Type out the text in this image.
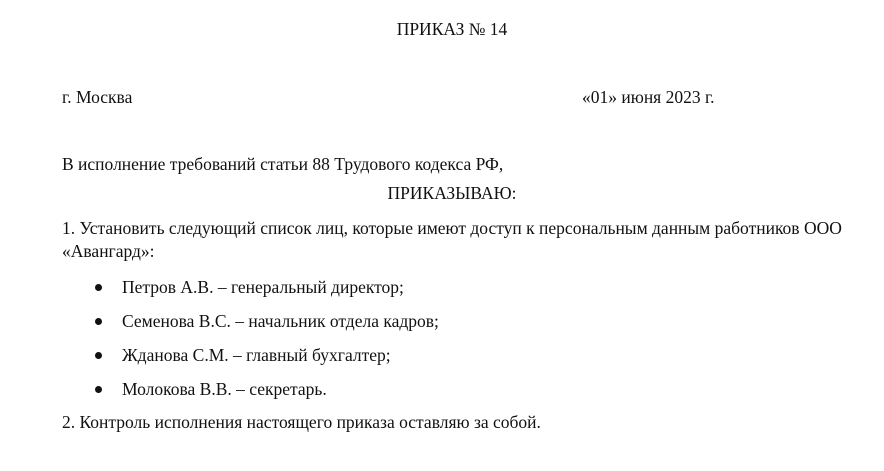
ПРИКАЗ № 14
г. Москва	«01» июня 2023 г.
В исполнение требований статьи 88 Трудового кодекса РФ,
ПРИКАЗЫВАЮ:
1. Установить следующий список лиц, которые имеют доступ к персональным данным работников ООО «Авангард»:
Петров А.В. – генеральный директор;
Семенова В.С. – начальник отдела кадров;
Жданова С.М. – главный бухгалтер;
Молокова В.В. – секретарь.
2. Контроль исполнения настоящего приказа оставляю за собой.
